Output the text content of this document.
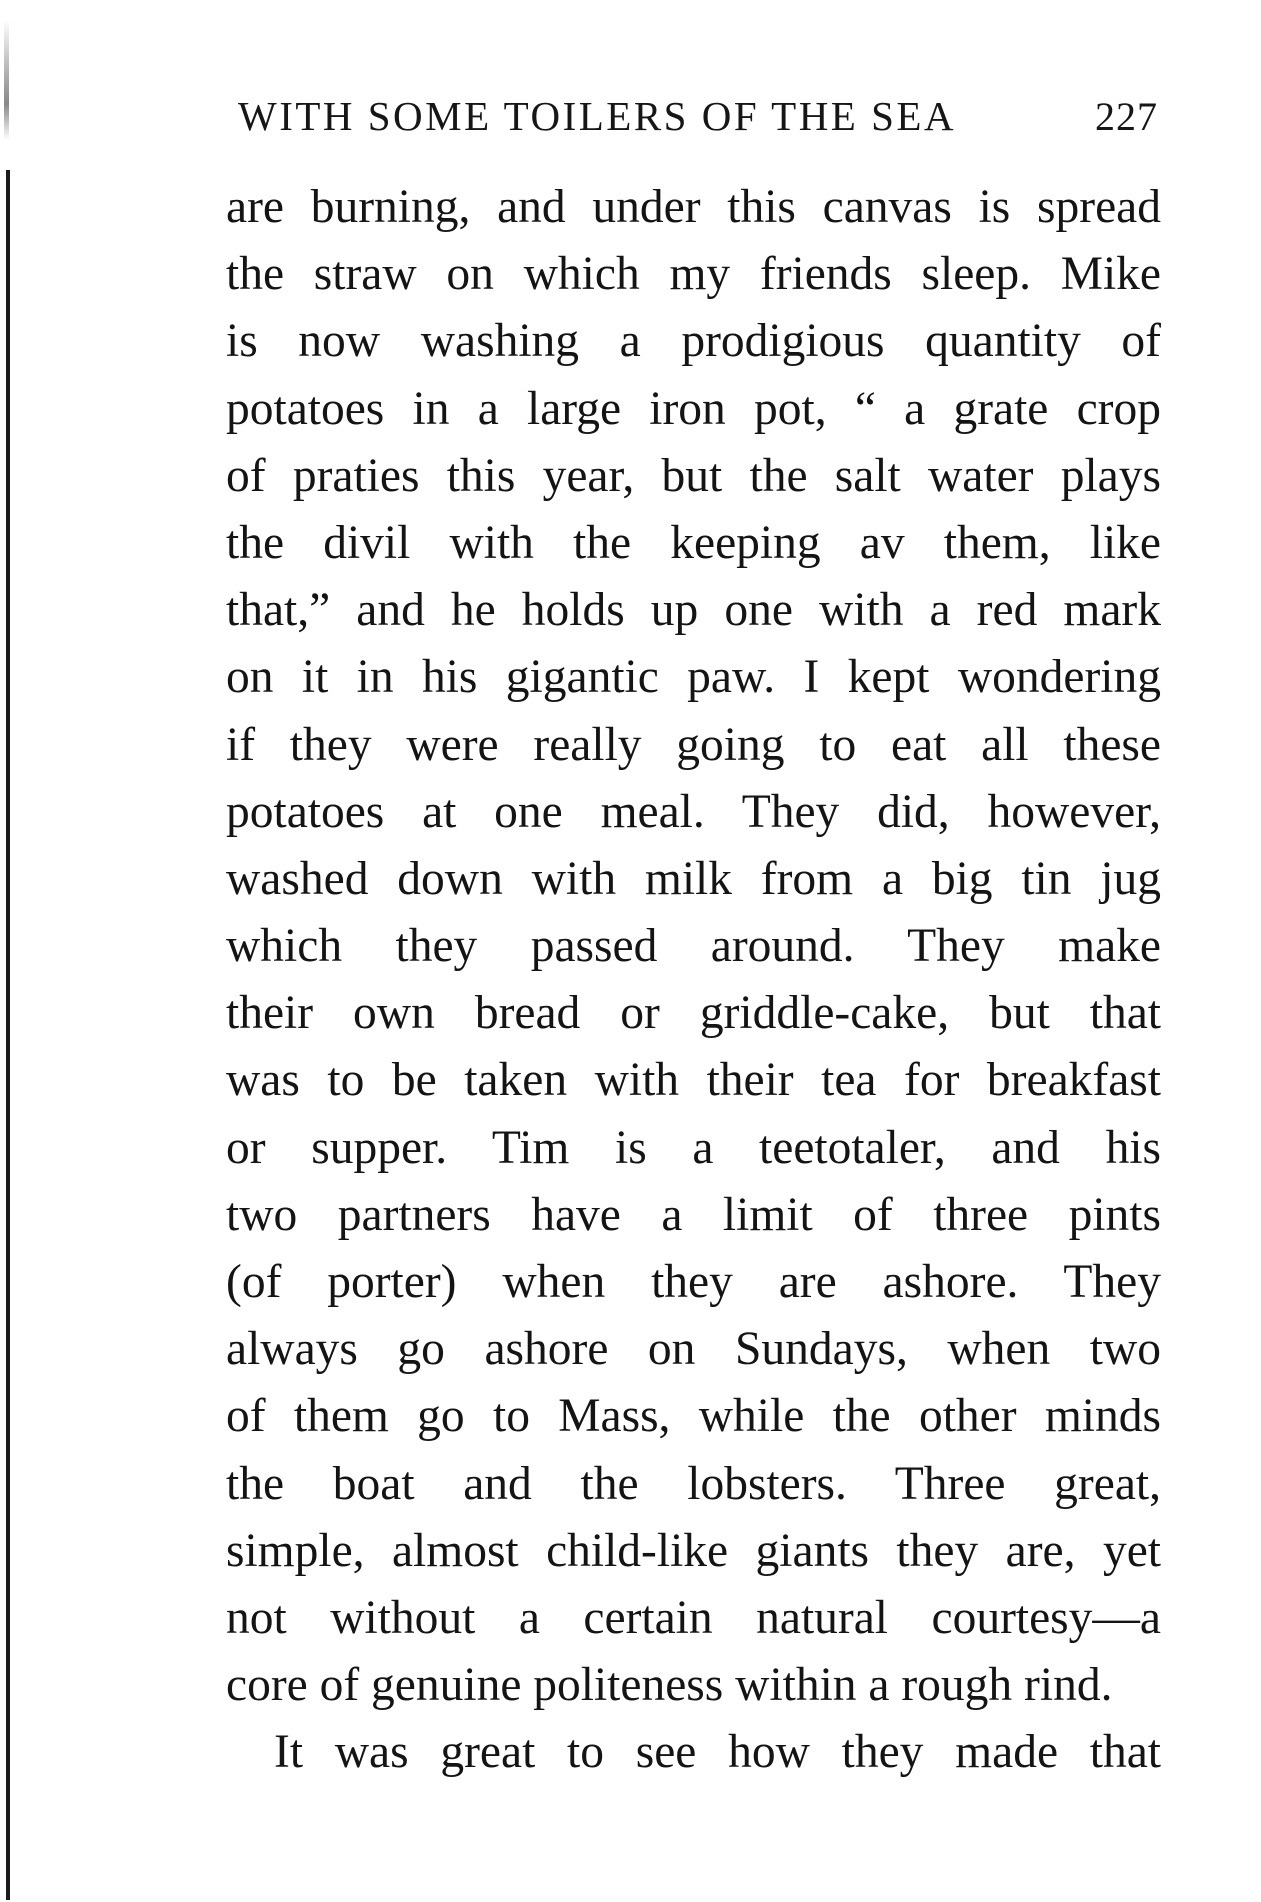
WITH SOME TOILERS OF THE SEA	227
are burning, and under this canvas is spread
the straw on which my friends sleep. Mike
is now washing a prodigious quantity of
potatoes in a large iron pot, “ a grate crop
of praties this year, but the salt water plays
the divil with the keeping av them, like
that,” and he holds up one with a red mark
on it in his gigantic paw. I kept wondering
if they were really going to eat all these
potatoes at one meal. They did, however,
washed down with milk from a big tin jug
which they passed around. They make
their own bread or griddle-cake, but that
was to be taken with their tea for breakfast
or supper. Tim is a teetotaler, and his
two partners have a limit of three pints
(of porter) when they are ashore. They
always go ashore on Sundays, when two
of them go to Mass, while the other minds
the boat and the lobsters. Three great,
simple, almost child-like giants they are, yet
not without a certain natural courtesy—a
core of genuine politeness within a rough rind.
It was great to see how they made that
